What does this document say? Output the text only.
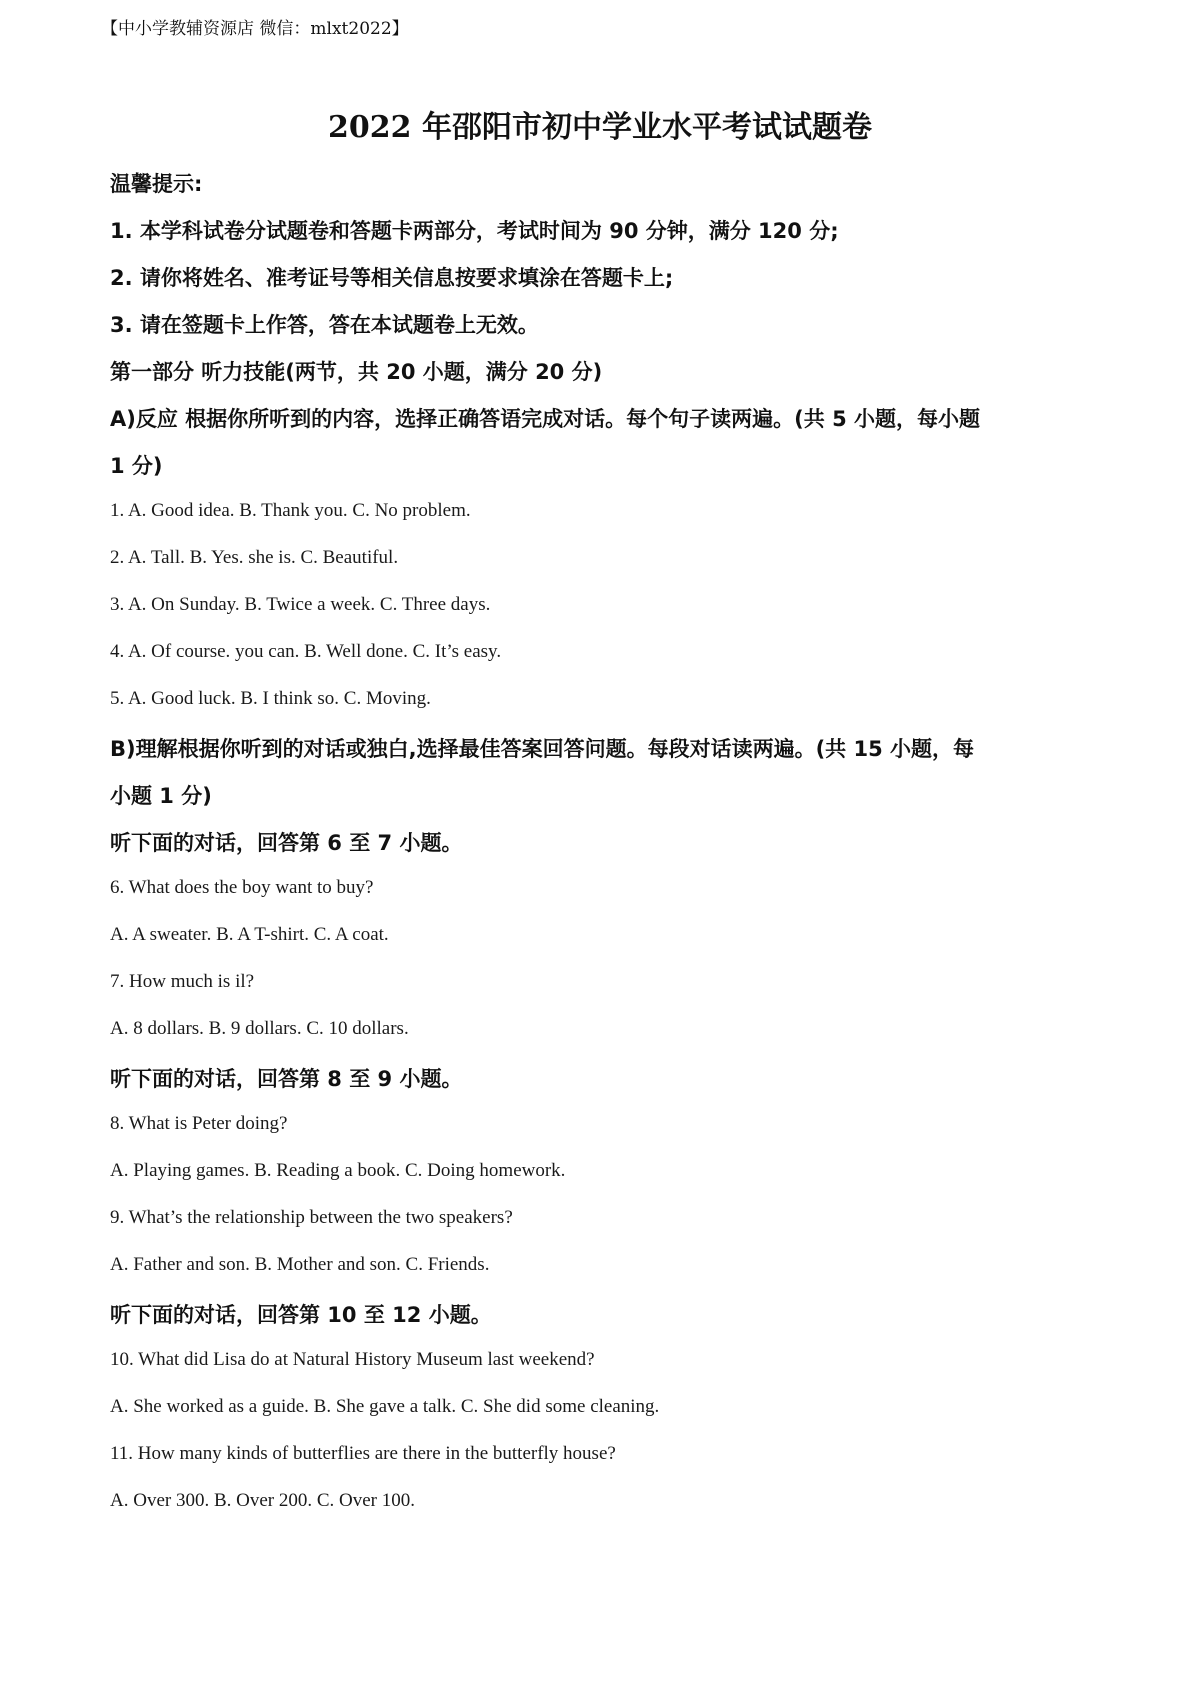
【中小学教辅资源店 微信：mlxt2022】
2022 年邵阳市初中学业水平考试试题卷
温馨提示:
1. 本学科试卷分试题卷和答题卡两部分，考试时间为 90 分钟，满分 120 分;
2. 请你将姓名、准考证号等相关信息按要求填涂在答题卡上;
3. 请在签题卡上作答，答在本试题卷上无效。
第一部分 听力技能(两节，共 20 小题，满分 20 分)
A)反应 根据你所听到的内容，选择正确答语完成对话。每个句子读两遍。(共 5 小题，每小题
1 分)
1. A. Good idea. B. Thank you. C. No problem.
2. A. Tall. B. Yes. she is. C. Beautiful.
3. A. On Sunday. B. Twice a week. C. Three days.
4. A. Of course. you can. B. Well done. C. It’s easy.
5. A. Good luck. B. I think so. C. Moving.
B)理解根据你听到的对话或独白,选择最佳答案回答问题。每段对话读两遍。(共 15 小题，每
小题 1 分)
听下面的对话，回答第 6 至 7 小题。
6. What does the boy want to buy?
A. A sweater. B. A T-shirt. C. A coat.
7. How much is il?
A. 8 dollars. B. 9 dollars. C. 10 dollars.
听下面的对话，回答第 8 至 9 小题。
8. What is Peter doing?
A. Playing games. B. Reading a book. C. Doing homework.
9. What’s the relationship between the two speakers?
A. Father and son. B. Mother and son. C. Friends.
听下面的对话，回答第 10 至 12 小题。
10. What did Lisa do at Natural History Museum last weekend?
A. She worked as a guide. B. She gave a talk. C. She did some cleaning.
11. How many kinds of butterflies are there in the butterfly house?
A. Over 300. B. Over 200. C. Over 100.
